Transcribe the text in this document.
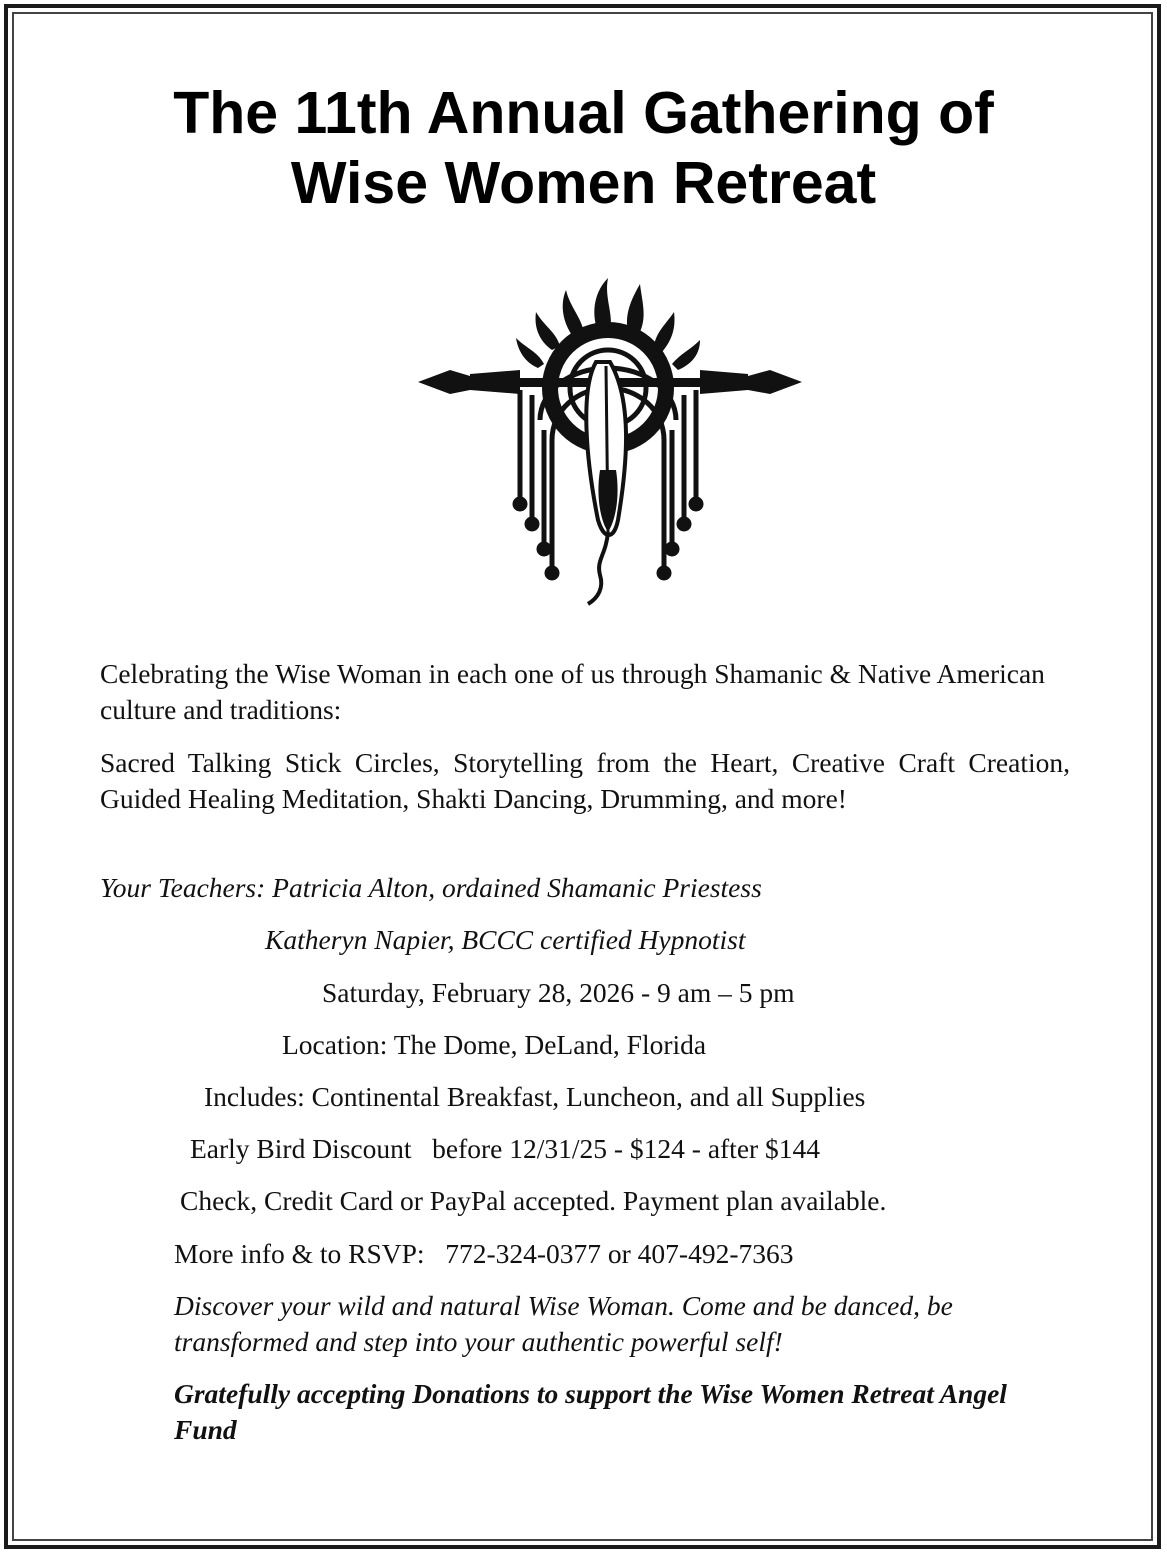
The 11th Annual Gathering of
Wise Women Retreat

Celebrating the Wise Woman in each one of us through Shamanic & Native American culture and traditions:

Sacred Talking Stick Circles, Storytelling from the Heart, Creative Craft Creation, Guided Healing Meditation, Shakti Dancing, Drumming, and more!

Your Teachers: Patricia Alton, ordained Shamanic Priestess

Katheryn Napier, BCCC certified Hypnotist

Saturday, February 28, 2026 - 9 am – 5 pm

Location: The Dome, DeLand, Florida

Includes: Continental Breakfast, Luncheon, and all Supplies

Early Bird Discount   before 12/31/25 - $124 - after $144

Check, Credit Card or PayPal accepted. Payment plan available.

More info & to RSVP:   772-324-0377 or 407-492-7363

Discover your wild and natural Wise Woman. Come and be danced, be transformed and step into your authentic powerful self!

Gratefully accepting Donations to support the Wise Women Retreat Angel Fund
